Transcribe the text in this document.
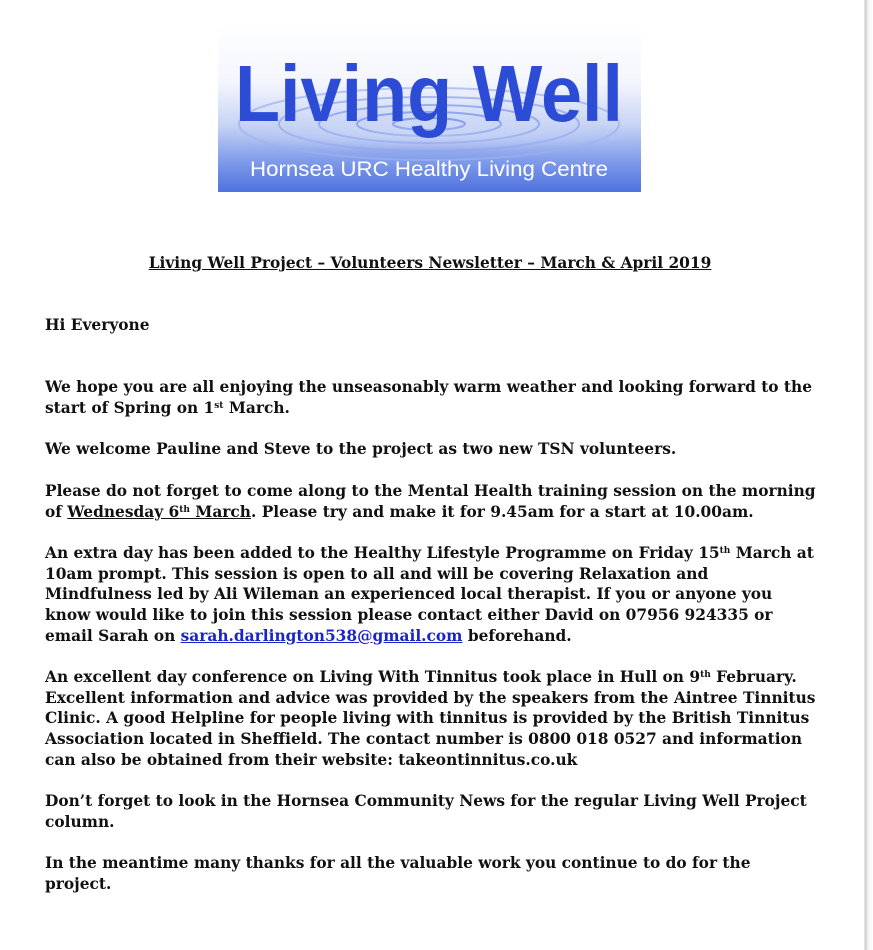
Living Well
Hornsea URC Healthy Living Centre
Living Well Project – Volunteers Newsletter – March & April 2019

Hi Everyone

We hope you are all enjoying the unseasonably warm weather and looking forward to the start of Spring on 1st March.

We welcome Pauline and Steve to the project as two new TSN volunteers.

Please do not forget to come along to the Mental Health training session on the morning of Wednesday 6th March. Please try and make it for 9.45am for a start at 10.00am.

An extra day has been added to the Healthy Lifestyle Programme on Friday 15th March at 10am prompt. This session is open to all and will be covering Relaxation and Mindfulness led by Ali Wileman an experienced local therapist. If you or anyone you know would like to join this session please contact either David on 07956 924335 or email Sarah on sarah.darlington538@gmail.com beforehand.

An excellent day conference on Living With Tinnitus took place in Hull on 9th February. Excellent information and advice was provided by the speakers from the Aintree Tinnitus Clinic. A good Helpline for people living with tinnitus is provided by the British Tinnitus Association located in Sheffield. The contact number is 0800 018 0527 and information can also be obtained from their website: takeontinnitus.co.uk

Don’t forget to look in the Hornsea Community News for the regular Living Well Project column.

In the meantime many thanks for all the valuable work you continue to do for the project.
